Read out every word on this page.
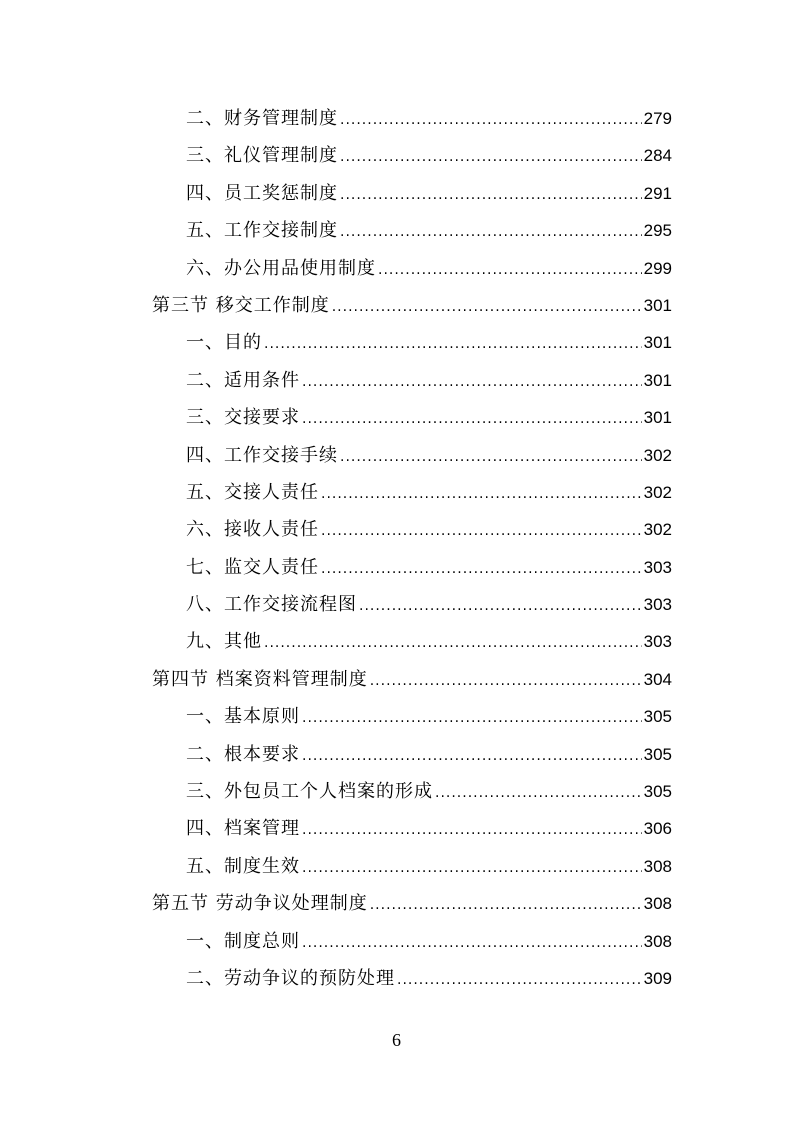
二、财务管理制度 .....	279
三、礼仪管理制度 .....	284
四、员工奖惩制度 .....	291
五、工作交接制度 .....	295
六、办公用品使用制度 .....	299
第三节 移交工作制度 .....	301
一、目的 .....	301
二、适用条件 .....	301
三、交接要求 .....	301
四、工作交接手续 .....	302
五、交接人责任 .....	302
六、接收人责任 .....	302
七、监交人责任 .....	303
八、工作交接流程图 .....	303
九、其他 .....	303
第四节 档案资料管理制度 .....	304
一、基本原则 .....	305
二、根本要求 .....	305
三、外包员工个人档案的形成 .....	305
四、档案管理 .....	306
五、制度生效 .....	308
第五节 劳动争议处理制度 .....	308
一、制度总则 .....	308
二、劳动争议的预防处理 .....	309
6
